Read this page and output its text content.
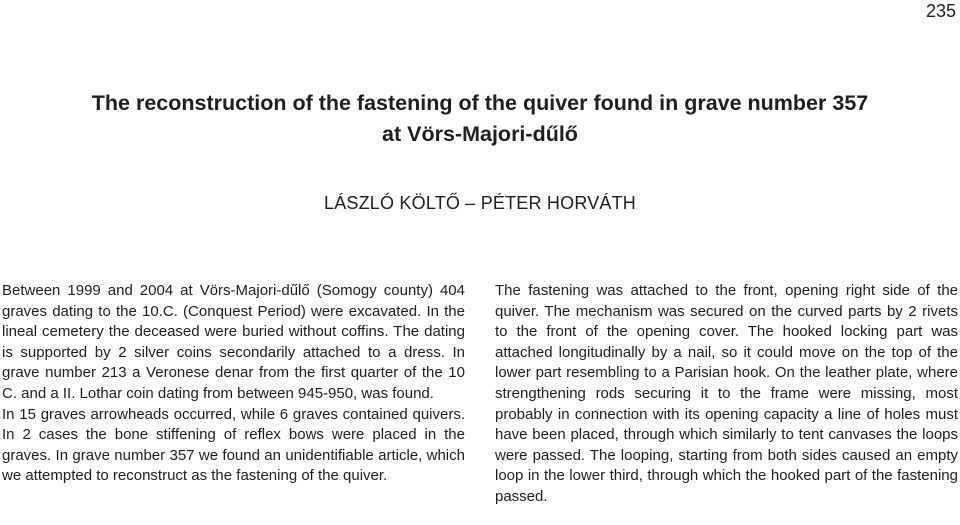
235
The reconstruction of the fastening of the quiver found in grave number 357
at Vörs-Majori-dűlő
LÁSZLÓ KÖLTŐ – PÉTER HORVÁTH

Between 1999 and 2004 at Vörs-Majori-dűlő (Somogy county) 404 graves dating to the 10.C. (Conquest Period) were excavated. In the lineal cemetery the deceased were buried without coffins. The dating is supported by 2 silver coins secondarily attached to a dress. In grave number 213 a Veronese denar from the first quarter of the 10 C. and a II. Lothar coin dating from between 945-950, was found.

In 15 graves arrowheads occurred, while 6 graves contained quivers. In 2 cases the bone stiffening of reflex bows were placed in the graves. In grave number 357 we found an unidentifiable article, which we attempted to reconstruct as the fastening of the quiver.

The fastening was attached to the front, opening right side of the quiver. The mechanism was secured on the curved parts by 2 rivets to the front of the opening cover. The hooked locking part was attached longitudinally by a nail, so it could move on the top of the lower part resembling to a Parisian hook. On the leather plate, where strengthening rods securing it to the frame were missing, most probably in connection with its opening capacity a line of holes must have been placed, through which similarly to tent canvases the loops were passed. The looping, starting from both sides caused an empty loop in the lower third, through which the hooked part of the fastening passed.
